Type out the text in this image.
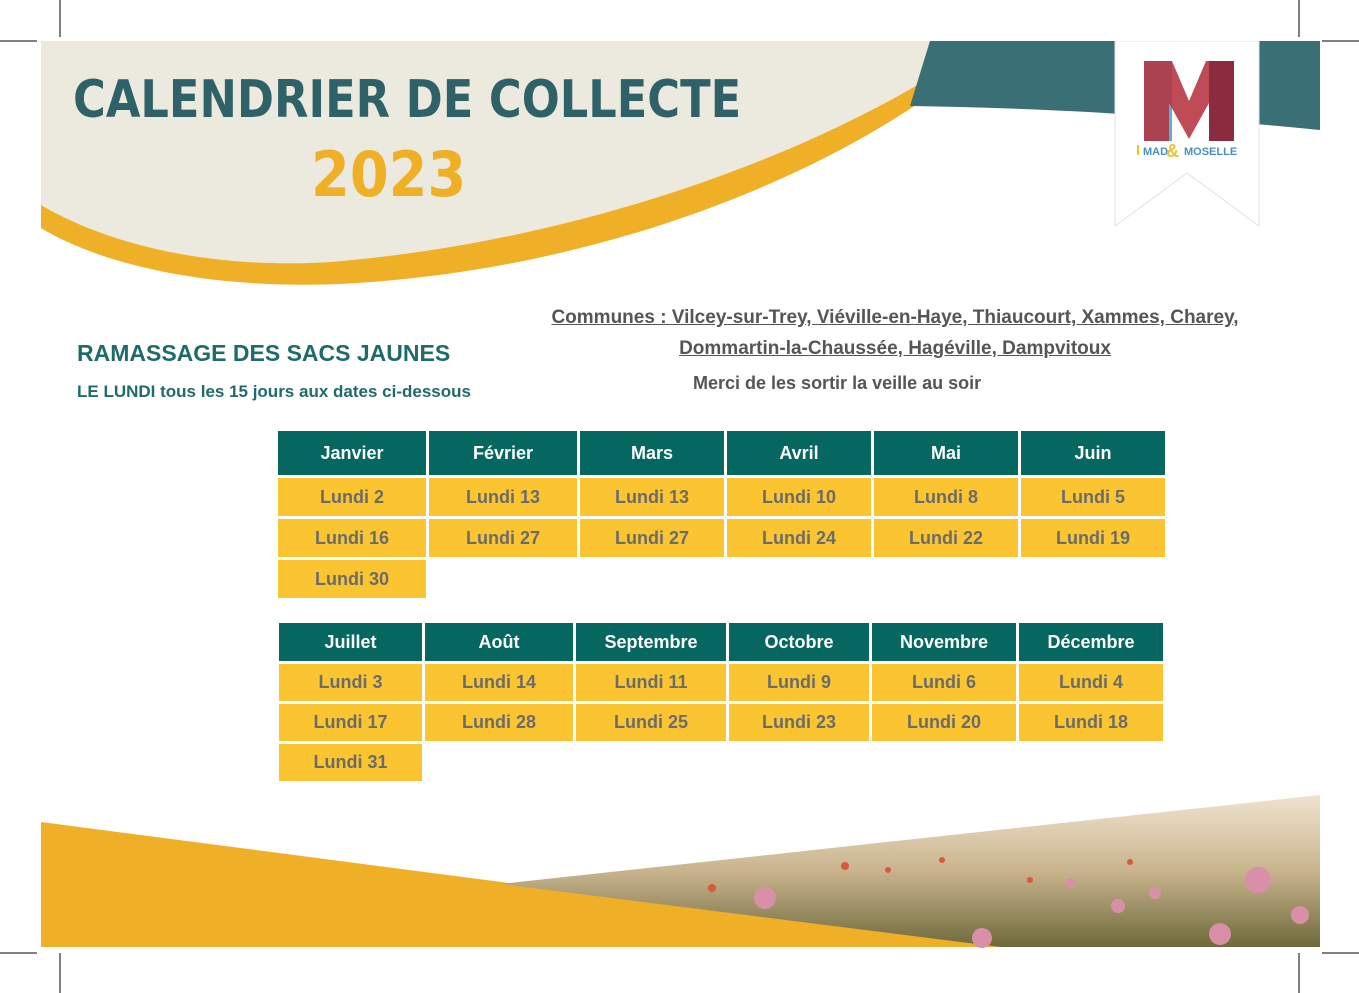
MAD
& MOSELLE
CALENDRIER DE COLLECTE
2023
RAMASSAGE DES SACS JAUNES
LE LUNDI tous les 15 jours aux dates ci-dessous
Communes : Vilcey-sur-Trey, Viéville-en-Haye, Thiaucourt, Xammes, Charey,
Dommartin-la-Chaussée, Hagéville, Dampvitoux
Merci de les sortir la veille au soir
Janvier	Février	Mars	Avril	Mai	Juin
Lundi 2	Lundi 13	Lundi 13	Lundi 10	Lundi 8	Lundi 5
Lundi 16	Lundi 27	Lundi 27	Lundi 24	Lundi 22	Lundi 19
Lundi 30					
Juillet	Août	Septembre	Octobre	Novembre	Décembre
Lundi 3	Lundi 14	Lundi 11	Lundi 9	Lundi 6	Lundi 4
Lundi 17	Lundi 28	Lundi 25	Lundi 23	Lundi 20	Lundi 18
Lundi 31					
